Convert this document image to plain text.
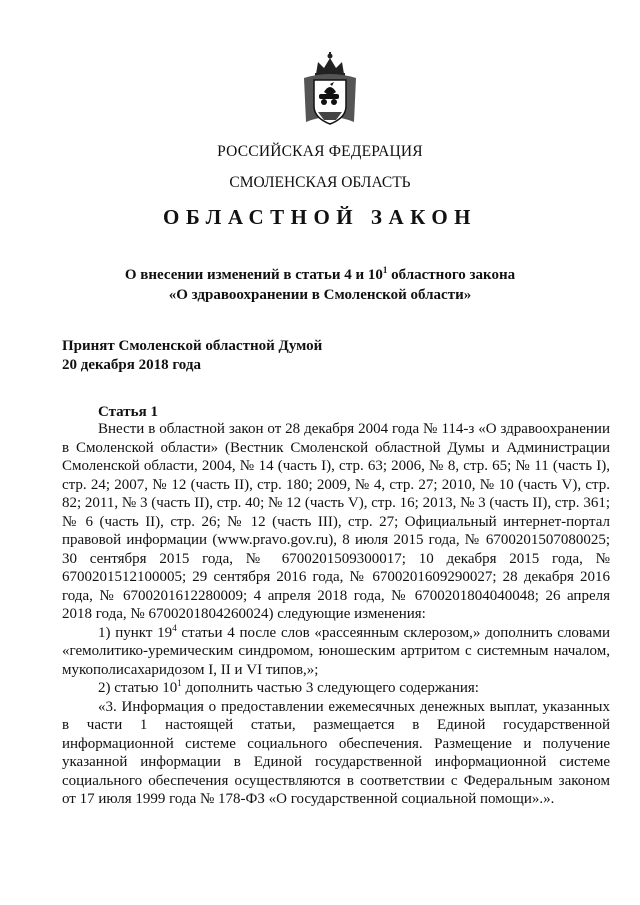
РОССИЙСКАЯ ФЕДЕРАЦИЯ
СМОЛЕНСКАЯ ОБЛАСТЬ
ОБЛАСТНОЙ ЗАКОН
О внесении изменений в статьи 4 и $10^1$ областного закона
«О здравоохранении в Смоленской области»
Принят Смоленской областной Думой
20 декабря 2018 года
Статья 1

Внести в областной закон от 28 декабря 2004 года № 114-з «О здравоохранении в Смоленской области» (Вестник Смоленской областной Думы и Администрации Смоленской области, 2004, № 14 (часть I), стр. 63; 2006, № 8, стр. 65; № 11 (часть I), стр. 24; 2007, № 12 (часть II), стр. 180; 2009, № 4, стр. 27; 2010, № 10 (часть V), стр. 82; 2011, № 3 (часть II), стр. 40; № 12 (часть V), стр. 16; 2013, № 3 (часть II), стр. 361; № 6 (часть II), стр. 26; № 12 (часть III), стр. 27; Официальный интернет-портал правовой информации (www.pravo.gov.ru), 8 июля 2015 года, № 6700201507080025; 30 сентября 2015 года, № 6700201509300017; 10 декабря 2015 года, № 6700201512100005; 29 сентября 2016 года, № 6700201609290027; 28 декабря 2016 года, № 6700201612280009; 4 апреля 2018 года, № 6700201804040048; 26 апреля 2018 года, № 6700201804260024) следующие изменения:

1) пункт $19^4$ статьи 4 после слов «рассеянным склерозом,» дополнить словами «гемолитико-уремическим синдромом, юношеским артритом с системным началом, мукополисахаридозом I, II и VI типов,»;

2) статью $10^1$ дополнить частью 3 следующего содержания:

«3. Информация о предоставлении ежемесячных денежных выплат, указанных в части 1 настоящей статьи, размещается в Единой государственной информационной системе социального обеспечения. Размещение и получение указанной информации в Единой государственной информационной системе социального обеспечения осуществляются в соответствии с Федеральным законом от 17 июля 1999 года № 178-ФЗ «О государственной социальной помощи».».
